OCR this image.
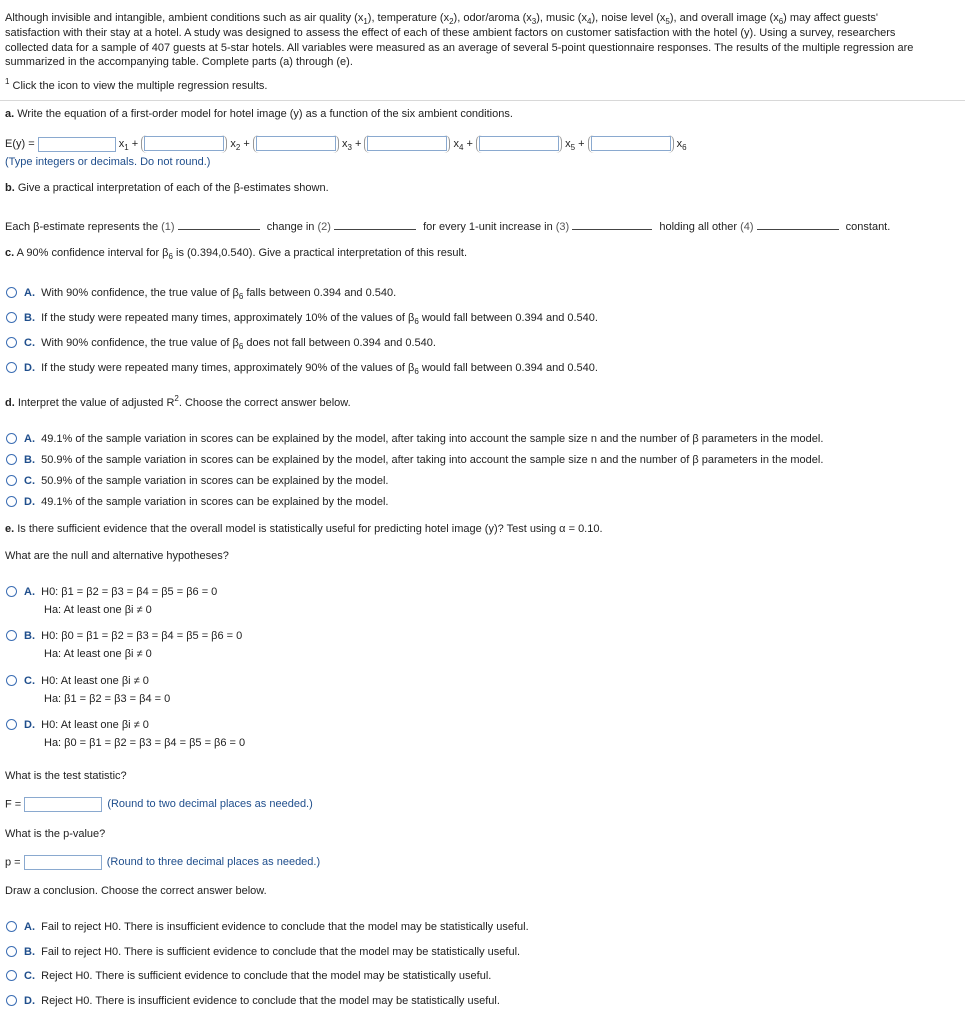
Although invisible and intangible, ambient conditions such as air quality $(x_1)$, temperature $(x_2)$, odor/aroma $(x_3)$, music $(x_4)$, noise level $(x_5)$, and overall image $(x_6)$ may affect guests'
satisfaction with their stay at a hotel. A study was designed to assess the effect of each of these ambient factors on customer satisfaction with the hotel (y). Using a survey, researchers
collected data for a sample of 407 guests at 5-star hotels. All variables were measured as an average of several 5-point questionnaire responses. The results of the multiple regression are
summarized in the accompanying table. Complete parts (a) through (e).
$^1$ Click the icon to view the multiple regression results.
a. Write the equation of a first-order model for hotel image (y) as a function of the six ambient conditions.
E(y) =	$x_1$ +	$x_2$ +	$x_3$ +	$x_4$ +	$x_5$ +	$x_6$
(Type integers or decimals. Do not round.)
b. Give a practical interpretation of each of the β-estimates shown.
Each β-estimate represents the (1)	change in (2)	for every 1-unit increase in (3)	holding all other (4)	constant.
c. A 90% confidence interval for $\beta_6$ is (0.394,0.540). Give a practical interpretation of this result.
A. With 90% confidence, the true value of $\beta_6$ falls between 0.394 and 0.540.
B. If the study were repeated many times, approximately 10% of the values of $\beta_6$ would fall between 0.394 and 0.540.
C. With 90% confidence, the true value of $\beta_6$ does not fall between 0.394 and 0.540.
D. If the study were repeated many times, approximately 90% of the values of $\beta_6$ would fall between 0.394 and 0.540.
d. Interpret the value of adjusted $R^2$. Choose the correct answer below.
A. 49.1% of the sample variation in scores can be explained by the model, after taking into account the sample size n and the number of β parameters in the model.
B. 50.9% of the sample variation in scores can be explained by the model, after taking into account the sample size n and the number of β parameters in the model.
C. 50.9% of the sample variation in scores can be explained by the model.
D. 49.1% of the sample variation in scores can be explained by the model.
e. Is there sufficient evidence that the overall model is statistically useful for predicting hotel image (y)? Test using α = 0.10.
What are the null and alternative hypotheses?
A. H0: β1 = β2 = β3 = β4 = β5 = β6 = 0
Ha: At least one βi ≠ 0
B. H0: β0 = β1 = β2 = β3 = β4 = β5 = β6 = 0
Ha: At least one βi ≠ 0
C. H0: At least one βi ≠ 0
Ha: β1 = β2 = β3 = β4 = 0
D. H0: At least one βi ≠ 0
Ha: β0 = β1 = β2 = β3 = β4 = β5 = β6 = 0
What is the test statistic?
F =	(Round to two decimal places as needed.)
What is the p-value?
p =	(Round to three decimal places as needed.)
Draw a conclusion. Choose the correct answer below.
A. Fail to reject H0. There is insufficient evidence to conclude that the model may be statistically useful.
B. Fail to reject H0. There is sufficient evidence to conclude that the model may be statistically useful.
C. Reject H0. There is sufficient evidence to conclude that the model may be statistically useful.
D. Reject H0. There is insufficient evidence to conclude that the model may be statistically useful.
